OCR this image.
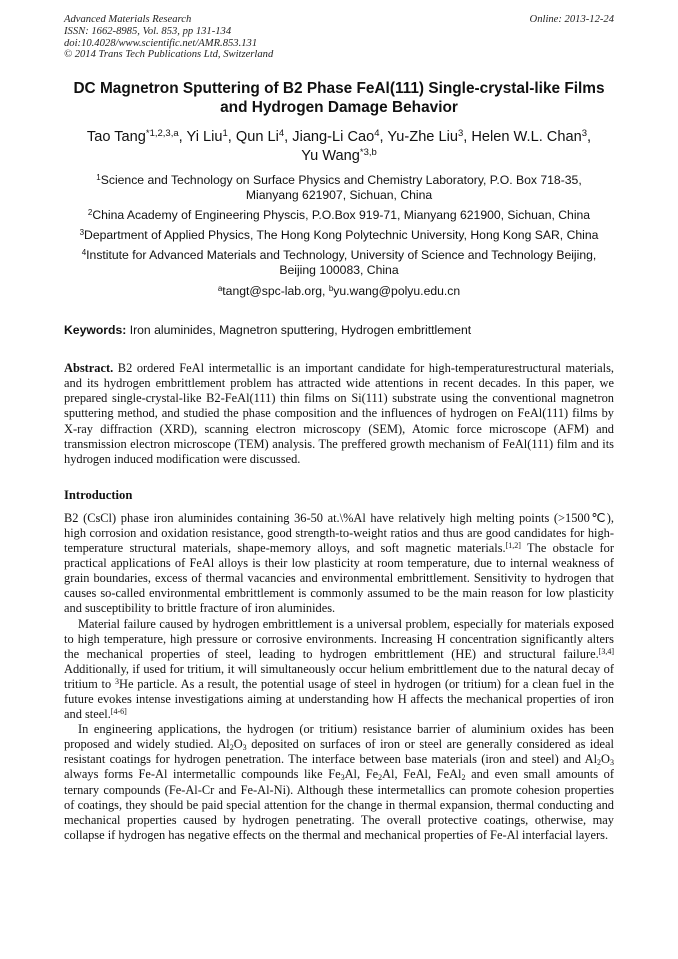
Advanced Materials Research
ISSN: 1662-8985, Vol. 853, pp 131-134
doi:10.4028/www.scientific.net/AMR.853.131
© 2014 Trans Tech Publications Ltd, Switzerland
Online: 2013-12-24
DC Magnetron Sputtering of B2 Phase FeAl(111) Single-crystal-like Films
and Hydrogen Damage Behavior
Tao Tang$^{*1,2,3,a}$, Yi Liu$^1$, Qun Li$^4$, Jiang-Li Cao$^4$, Yu-Zhe Liu$^3$, Helen W.L. Chan$^3$,
Yu Wang$^{*3,b}$
$^1$Science and Technology on Surface Physics and Chemistry Laboratory, P.O. Box 718-35,
Mianyang 621907, Sichuan, China
$^2$China Academy of Engineering Physcis, P.O.Box 919-71, Mianyang 621900, Sichuan, China
$^3$Department of Applied Physics, The Hong Kong Polytechnic University, Hong Kong SAR, China
$^4$Institute for Advanced Materials and Technology, University of Science and Technology Beijing,
Beijing 100083, China
$^a$tangt@spc-lab.org, $^b$yu.wang@polyu.edu.cn
Keywords: Iron aluminides, Magnetron sputtering, Hydrogen embrittlement
Abstract. B2 ordered FeAl intermetallic is an important candidate for high-temperaturestructural materials, and its hydrogen embrittlement problem has attracted wide attentions in recent decades. In this paper, we prepared single-crystal-like B2-FeAl(111) thin films on Si(111) substrate using the conventional magnetron sputtering method, and studied the phase composition and the influences of hydrogen on FeAl(111) films by X-ray diffraction (XRD), scanning electron microscopy (SEM), Atomic force microscope (AFM) and transmission electron microscope (TEM) analysis. The preffered growth mechanism of FeAl(111) film and its hydrogen induced modification were discussed.
Introduction
B2 (CsCl) phase iron aluminides containing 36-50 at.\%Al have relatively high melting points (>1500℃), high corrosion and oxidation resistance, good strength-to-weight ratios and thus are good candidates for high-temperature structural materials, shape-memory alloys, and soft magnetic materials.[1,2] The obstacle for practical applications of FeAl alloys is their low plasticity at room temperature, due to internal weakness of grain boundaries, excess of thermal vacancies and environmental embrittlement. Sensitivity to hydrogen that causes so-called environmental embrittlement is commonly assumed to be the main reason for low plasticity and susceptibility to brittle fracture of iron aluminides.
Material failure caused by hydrogen embrittlement is a universal problem, especially for materials exposed to high temperature, high pressure or corrosive environments. Increasing H concentration significantly alters the mechanical properties of steel, leading to hydrogen embrittlement (HE) and structural failure.[3,4] Additionally, if used for tritium, it will simultaneously occur helium embrittlement due to the natural decay of tritium to $^3$He particle. As a result, the potential usage of steel in hydrogen (or tritium) for a clean fuel in the future evokes intense investigations aiming at understanding how H affects the mechanical properties of iron and steel.[4-6]
In engineering applications, the hydrogen (or tritium) resistance barrier of aluminium oxides has been proposed and widely studied. $Al_2O_3$ deposited on surfaces of iron or steel are generally considered as ideal resistant coatings for hydrogen penetration. The interface between base materials (iron and steel) and $Al_2O_3$ always forms Fe-Al intermetallic compounds like $Fe_3Al$, $Fe_2Al$, FeAl, FeAl$_2$ and even small amounts of ternary compounds (Fe-Al-Cr and Fe-Al-Ni). Although these intermetallics can promote cohesion properties of coatings, they should be paid special attention for the change in thermal expansion, thermal conducting and mechanical properties caused by hydrogen penetrating. The overall protective coatings, otherwise, may collapse if hydrogen has negative effects on the thermal and mechanical properties of Fe-Al interfacial layers.
